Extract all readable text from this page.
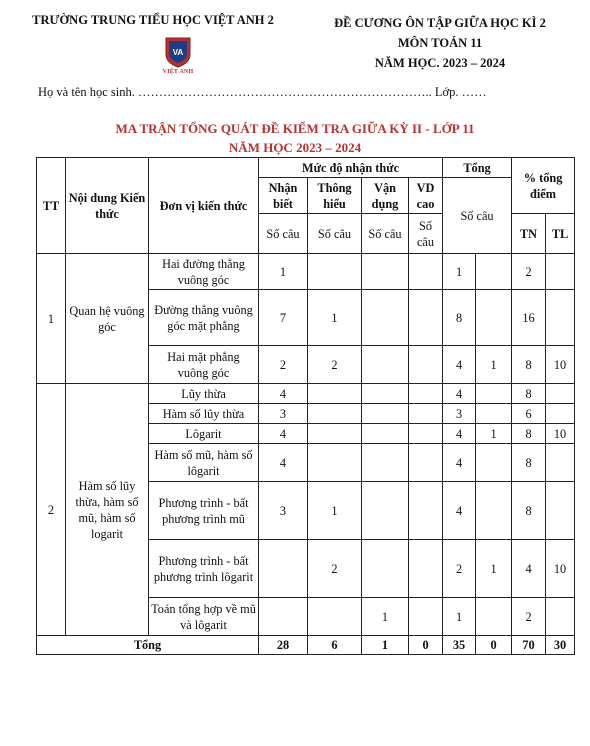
TRƯỜNG TRUNG TIỂU HỌC VIỆT ANH 2
VA
VIỆT ANH
ĐỀ CƯƠNG ÔN TẬP GIỮA HỌC KÌ 2
MÔN TOÁN 11
NĂM HỌC. 2023 – 2024
Họ và tên học sinh. …………………………………………………………….. Lớp. ……
MA TRẬN TỔNG QUÁT ĐỀ KIỂM TRA GIỮA KỲ II - LỚP 11
NĂM HỌC 2023 – 2024
TT	Nội dung Kiến thức	Đơn vị kiến thức	Mức độ nhận thức				Tổng		% tổng điểm	
			Nhận biết	Thông hiểu	Vận dụng	VD cao	Số câu			
			Số câu	Số câu	Số câu	Số câu			TN	TL
1	Quan hệ vuông góc	Hai đường thẳng vuông góc	1				1		2	
		Đường thẳng vuông góc mặt phẳng	7	1			8		16	
		Hai mặt phẳng vuông góc	2	2			4	1	8	10
2	Hàm số lũy thừa, hàm số mũ, hàm số logarit	Lũy thừa	4				4		8	
		Hàm số lũy thừa	3				3		6	
		Lôgarit	4				4	1	8	10
		Hàm số mũ, hàm số lôgarit	4				4		8	
		Phương trình - bất phương trình mũ	3	1			4		8	
		Phương trình - bất phương trình lôgarit		2			2	1	4	10
		Toán tổng hợp về mũ và lôgarit			1		1		2	
Tổng			28	6	1	0	35	0	70	30
